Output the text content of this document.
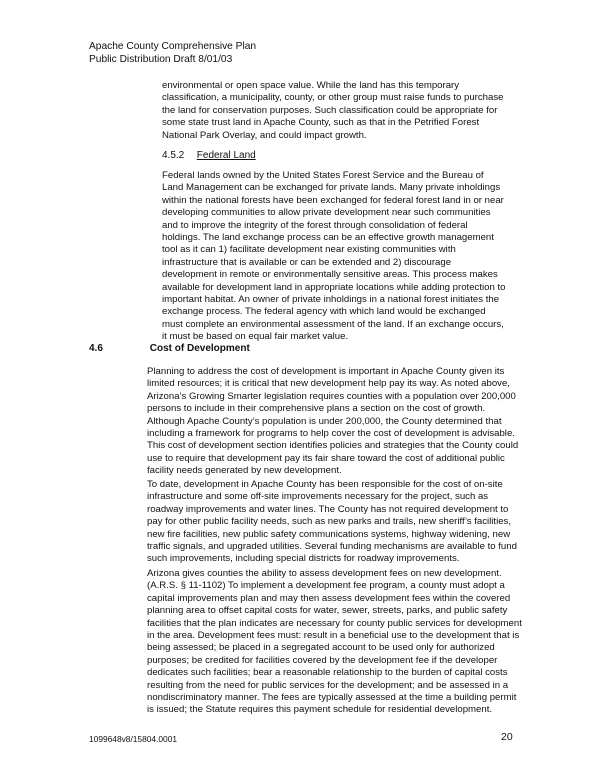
Apache County Comprehensive Plan
Public Distribution Draft 8/01/03

environmental or open space value. While the land has this temporary
classification, a municipality, county, or other group must raise funds to purchase
the land for conservation purposes. Such classification could be appropriate for
some state trust land in Apache County, such as that in the Petrified Forest
National Park Overlay, and could impact growth.

4.5.2 Federal Land

Federal lands owned by the United States Forest Service and the Bureau of
Land Management can be exchanged for private lands. Many private inholdings
within the national forests have been exchanged for federal forest land in or near
developing communities to allow private development near such communities
and to improve the integrity of the forest through consolidation of federal
holdings. The land exchange process can be an effective growth management
tool as it can 1) facilitate development near existing communities with
infrastructure that is available or can be extended and 2) discourage
development in remote or environmentally sensitive areas. This process makes
available for development land in appropriate locations while adding protection to
important habitat. An owner of private inholdings in a national forest initiates the
exchange process. The federal agency with which land would be exchanged
must complete an environmental assessment of the land. If an exchange occurs,
it must be based on equal fair market value.

4.6	Cost of Development

Planning to address the cost of development is important in Apache County given its
limited resources; it is critical that new development help pay its way. As noted above,
Arizona’s Growing Smarter legislation requires counties with a population over 200,000
persons to include in their comprehensive plans a section on the cost of growth.
Although Apache County’s population is under 200,000, the County determined that
including a framework for programs to help cover the cost of development is advisable.
This cost of development section identifies policies and strategies that the County could
use to require that development pay its fair share toward the cost of additional public
facility needs generated by new development.

To date, development in Apache County has been responsible for the cost of on-site
infrastructure and some off-site improvements necessary for the project, such as
roadway improvements and water lines. The County has not required development to
pay for other public facility needs, such as new parks and trails, new sheriff’s facilities,
new fire facilities, new public safety communications systems, highway widening, new
traffic signals, and upgraded utilities. Several funding mechanisms are available to fund
such improvements, including special districts for roadway improvements.

Arizona gives counties the ability to assess development fees on new development.
(A.R.S. § 11-1102) To implement a development fee program, a county must adopt a
capital improvements plan and may then assess development fees within the covered
planning area to offset capital costs for water, sewer, streets, parks, and public safety
facilities that the plan indicates are necessary for county public services for development
in the area. Development fees must: result in a beneficial use to the development that is
being assessed; be placed in a segregated account to be used only for authorized
purposes; be credited for facilities covered by the development fee if the developer
dedicates such facilities; bear a reasonable relationship to the burden of capital costs
resulting from the need for public services for the development; and be assessed in a
nondiscriminatory manner. The fees are typically assessed at the time a building permit
is issued; the Statute requires this payment schedule for residential development.

1099648v8/15804.0001	20
